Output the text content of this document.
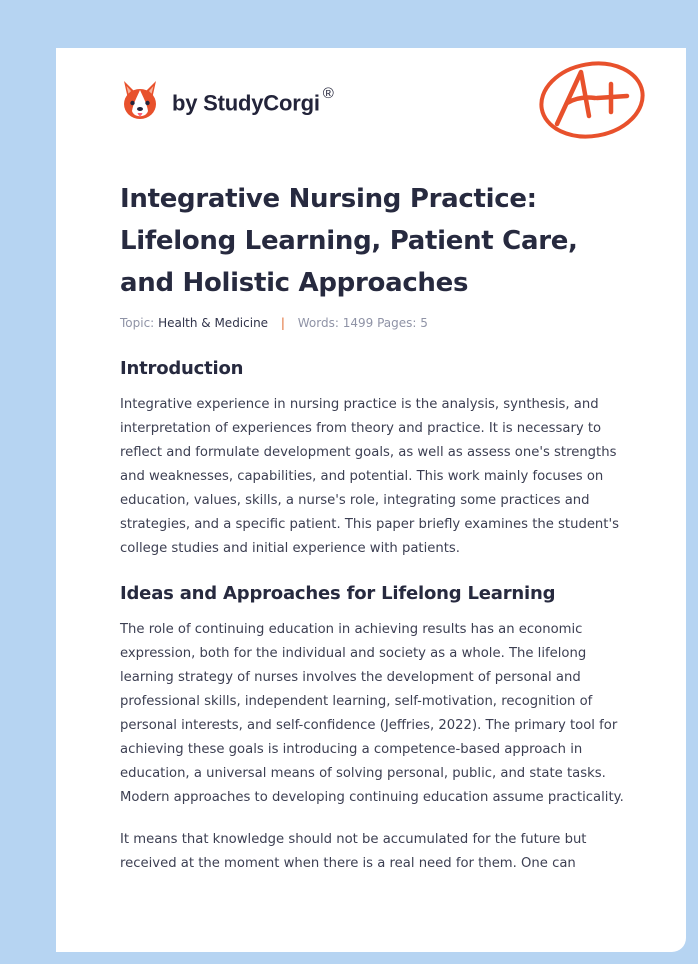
by StudyCorgi ®
A+
Integrative Nursing Practice: Lifelong Learning, Patient Care, and Holistic Approaches
Topic: Health & Medicine | Words: 1499 Pages: 5
Introduction

Integrative experience in nursing practice is the analysis, synthesis, and interpretation of experiences from theory and practice. It is necessary to reflect and formulate development goals, as well as assess one's strengths and weaknesses, capabilities, and potential. This work mainly focuses on education, values, skills, a nurse's role, integrating some practices and strategies, and a specific patient. This paper briefly examines the student's college studies and initial experience with patients.

Ideas and Approaches for Lifelong Learning

The role of continuing education in achieving results has an economic expression, both for the individual and society as a whole. The lifelong learning strategy of nurses involves the development of personal and professional skills, independent learning, self-motivation, recognition of personal interests, and self-confidence (Jeffries, 2022). The primary tool for achieving these goals is introducing a competence-based approach in education, a universal means of solving personal, public, and state tasks. Modern approaches to developing continuing education assume practicality.

It means that knowledge should not be accumulated for the future but received at the moment when there is a real need for them. One can
